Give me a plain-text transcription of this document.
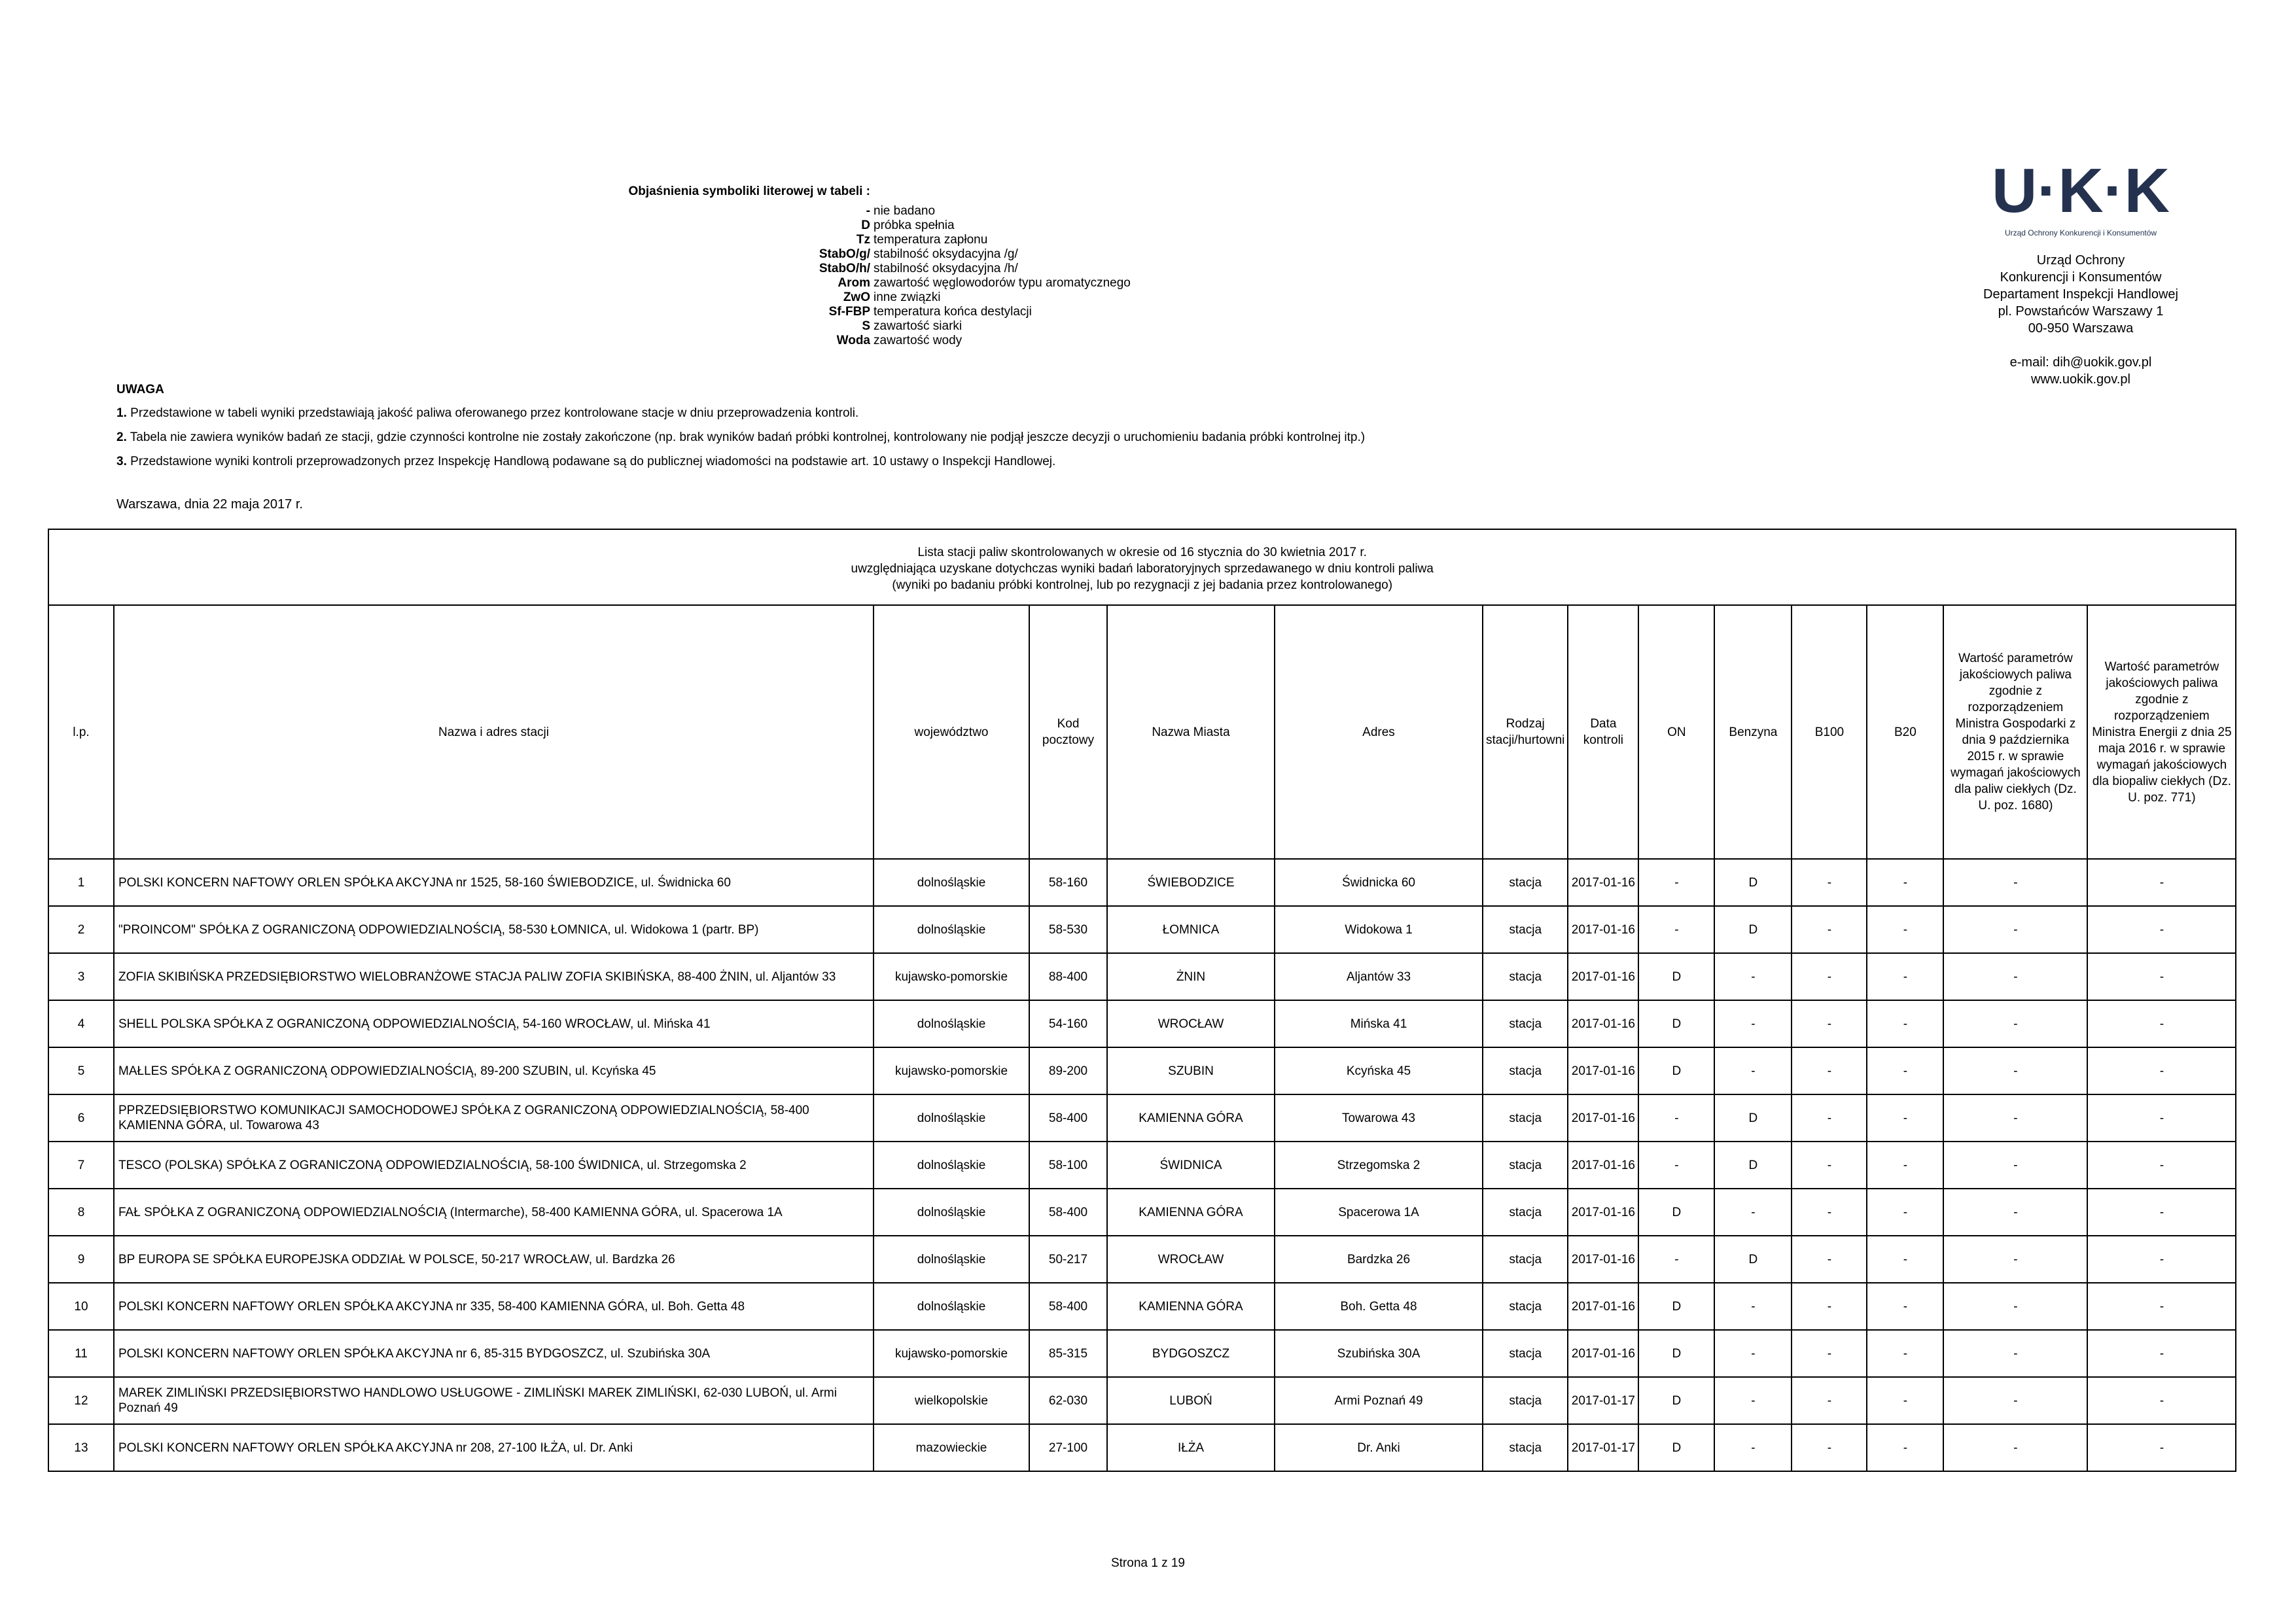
Objaśnienia symboliki literowej w tabeli :
- nie badano
D próbka spełnia
Tz temperatura zapłonu
StabO/g/ stabilność oksydacyjna /g/
StabO/h/ stabilność oksydacyjna /h/
Arom zawartość węglowodorów typu aromatycznego
ZwO inne związki
Sf-FBP temperatura końca destylacji
S zawartość siarki
Woda zawartość wody
U·K·K
Urząd Ochrony Konkurencji i Konsumentów
Urząd Ochrony
Konkurencji i Konsumentów
Departament Inspekcji Handlowej
pl. Powstańców Warszawy 1
00-950 Warszawa
e-mail: dih@uokik.gov.pl
www.uokik.gov.pl
UWAGA
1. Przedstawione w tabeli wyniki przedstawiają jakość paliwa oferowanego przez kontrolowane stacje w dniu przeprowadzenia kontroli.
2. Tabela nie zawiera wyników badań ze stacji, gdzie czynności kontrolne nie zostały zakończone (np. brak wyników badań próbki kontrolnej, kontrolowany nie podjął jeszcze decyzji o uruchomieniu badania próbki kontrolnej itp.)
3. Przedstawione wyniki kontroli przeprowadzonych przez Inspekcję Handlową podawane są do publicznej wiadomości na podstawie art. 10 ustawy o Inspekcji Handlowej.
Warszawa, dnia 22 maja 2017 r.
Lista stacji paliw skontrolowanych w okresie od 16 stycznia do 30 kwietnia 2017 r.
uwzględniająca uzyskane dotychczas wyniki badań laboratoryjnych sprzedawanego w dniu kontroli paliwa
(wyniki po badaniu próbki kontrolnej, lub po rezygnacji z jej badania przez kontrolowanego)													

l.p.	Nazwa i adres stacji	województwo	Kod pocztowy	Nazwa Miasta	Adres	Rodzaj stacji/hurtowni	Data kontroli	ON	Benzyna	B100	B20	Wartość parametrów jakościowych paliwa zgodnie z rozporządzeniem Ministra Gospodarki z dnia 9 października 2015 r. w sprawie wymagań jakościowych dla paliw ciekłych (Dz. U. poz. 1680)	Wartość parametrów jakościowych paliwa zgodnie z rozporządzeniem Ministra Energii z dnia 25 maja 2016 r. w sprawie wymagań jakościowych dla biopaliw ciekłych (Dz. U. poz. 771)
1	POLSKI KONCERN NAFTOWY ORLEN SPÓŁKA AKCYJNA nr 1525, 58-160 ŚWIEBODZICE, ul. Świdnicka 60	dolnośląskie	58-160	ŚWIEBODZICE	Świdnicka 60	stacja	2017-01-16	-	D	-	-	-	-
2	"PROINCOM" SPÓŁKA Z OGRANICZONĄ ODPOWIEDZIALNOŚCIĄ, 58-530 ŁOMNICA, ul. Widokowa 1 (partr. BP)	dolnośląskie	58-530	ŁOMNICA	Widokowa 1	stacja	2017-01-16	-	D	-	-	-	-
3	ZOFIA SKIBIŃSKA PRZEDSIĘBIORSTWO WIELOBRANŻOWE STACJA PALIW ZOFIA SKIBIŃSKA, 88-400 ŻNIN, ul. Aljantów 33	kujawsko-pomorskie	88-400	ŻNIN	Aljantów 33	stacja	2017-01-16	D	-	-	-	-	-
4	SHELL POLSKA SPÓŁKA Z OGRANICZONĄ ODPOWIEDZIALNOŚCIĄ, 54-160 WROCŁAW, ul. Mińska 41	dolnośląskie	54-160	WROCŁAW	Mińska 41	stacja	2017-01-16	D	-	-	-	-	-
5	MAŁLES SPÓŁKA Z OGRANICZONĄ ODPOWIEDZIALNOŚCIĄ, 89-200 SZUBIN, ul. Kcyńska 45	kujawsko-pomorskie	89-200	SZUBIN	Kcyńska 45	stacja	2017-01-16	D	-	-	-	-	-
6	PPRZEDSIĘBIORSTWO KOMUNIKACJI SAMOCHODOWEJ SPÓŁKA Z OGRANICZONĄ ODPOWIEDZIALNOŚCIĄ, 58-400 KAMIENNA GÓRA, ul. Towarowa 43	dolnośląskie	58-400	KAMIENNA GÓRA	Towarowa 43	stacja	2017-01-16	-	D	-	-	-	-
7	TESCO (POLSKA) SPÓŁKA Z OGRANICZONĄ ODPOWIEDZIALNOŚCIĄ, 58-100 ŚWIDNICA, ul. Strzegomska 2	dolnośląskie	58-100	ŚWIDNICA	Strzegomska 2	stacja	2017-01-16	-	D	-	-	-	-
8	FAŁ SPÓŁKA Z OGRANICZONĄ ODPOWIEDZIALNOŚCIĄ (Intermarche), 58-400 KAMIENNA GÓRA, ul. Spacerowa 1A	dolnośląskie	58-400	KAMIENNA GÓRA	Spacerowa 1A	stacja	2017-01-16	D	-	-	-	-	-
9	BP EUROPA SE SPÓŁKA EUROPEJSKA ODDZIAŁ W POLSCE, 50-217 WROCŁAW, ul. Bardzka 26	dolnośląskie	50-217	WROCŁAW	Bardzka 26	stacja	2017-01-16	-	D	-	-	-	-
10	POLSKI KONCERN NAFTOWY ORLEN SPÓŁKA AKCYJNA nr 335, 58-400 KAMIENNA GÓRA, ul. Boh. Getta 48	dolnośląskie	58-400	KAMIENNA GÓRA	Boh. Getta 48	stacja	2017-01-16	D	-	-	-	-	-
11	POLSKI KONCERN NAFTOWY ORLEN SPÓŁKA AKCYJNA nr 6, 85-315 BYDGOSZCZ, ul. Szubińska 30A	kujawsko-pomorskie	85-315	BYDGOSZCZ	Szubińska 30A	stacja	2017-01-16	D	-	-	-	-	-
12	MAREK ZIMLIŃSKI PRZEDSIĘBIORSTWO HANDLOWO USŁUGOWE - ZIMLIŃSKI MAREK ZIMLIŃSKI, 62-030 LUBOŃ, ul. Armi Poznań 49	wielkopolskie	62-030	LUBOŃ	Armi Poznań 49	stacja	2017-01-17	D	-	-	-	-	-
13	POLSKI KONCERN NAFTOWY ORLEN SPÓŁKA AKCYJNA nr 208, 27-100 IŁŻA, ul. Dr. Anki	mazowieckie	27-100	IŁŻA	Dr. Anki	stacja	2017-01-17	D	-	-	-	-	-
Strona 1 z 19
